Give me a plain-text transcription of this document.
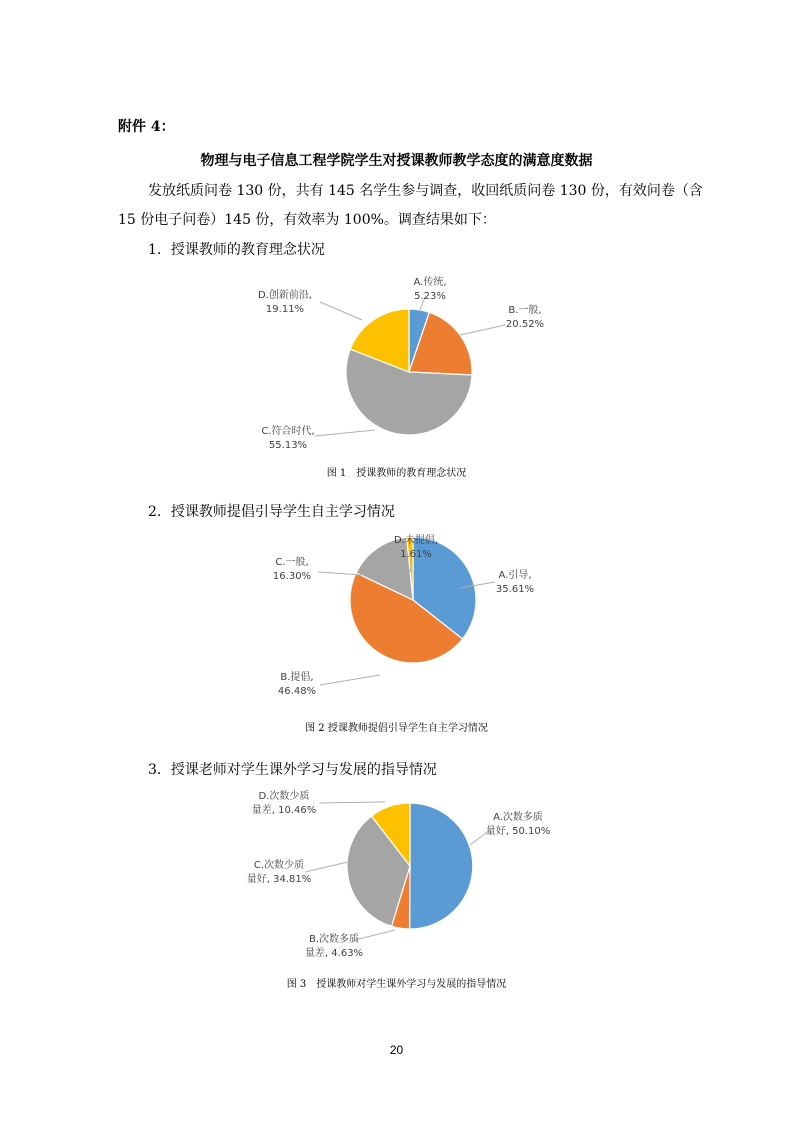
附件 4：
物理与电子信息工程学院学生对授课教师教学态度的满意度数据
发放纸质问卷 130 份，共有 145 名学生参与调查，收回纸质问卷 130 份，有效问卷（含
15 份电子问卷）145 份，有效率为 100%。调查结果如下：
1．授课教师的教育理念状况
A.传统, 5.23%
B.一般, 20.52%
C.符合时代, 55.13%
D.创新前沿, 19.11%
图 1　授课教师的教育理念状况
2．授课教师提倡引导学生自主学习情况
A.引导, 35.61%
B.提倡, 46.48%
C.一般, 16.30%
D.未提倡, 1.61%
图 2 授课教师提倡引导学生自主学习情况
3．授课老师对学生课外学习与发展的指导情况
A.次数多质量好, 50.10%
B.次数多质量差, 4.63%
C.次数少质量好, 34.81%
D.次数少质量差, 10.46%
图 3　授课教师对学生课外学习与发展的指导情况
20
